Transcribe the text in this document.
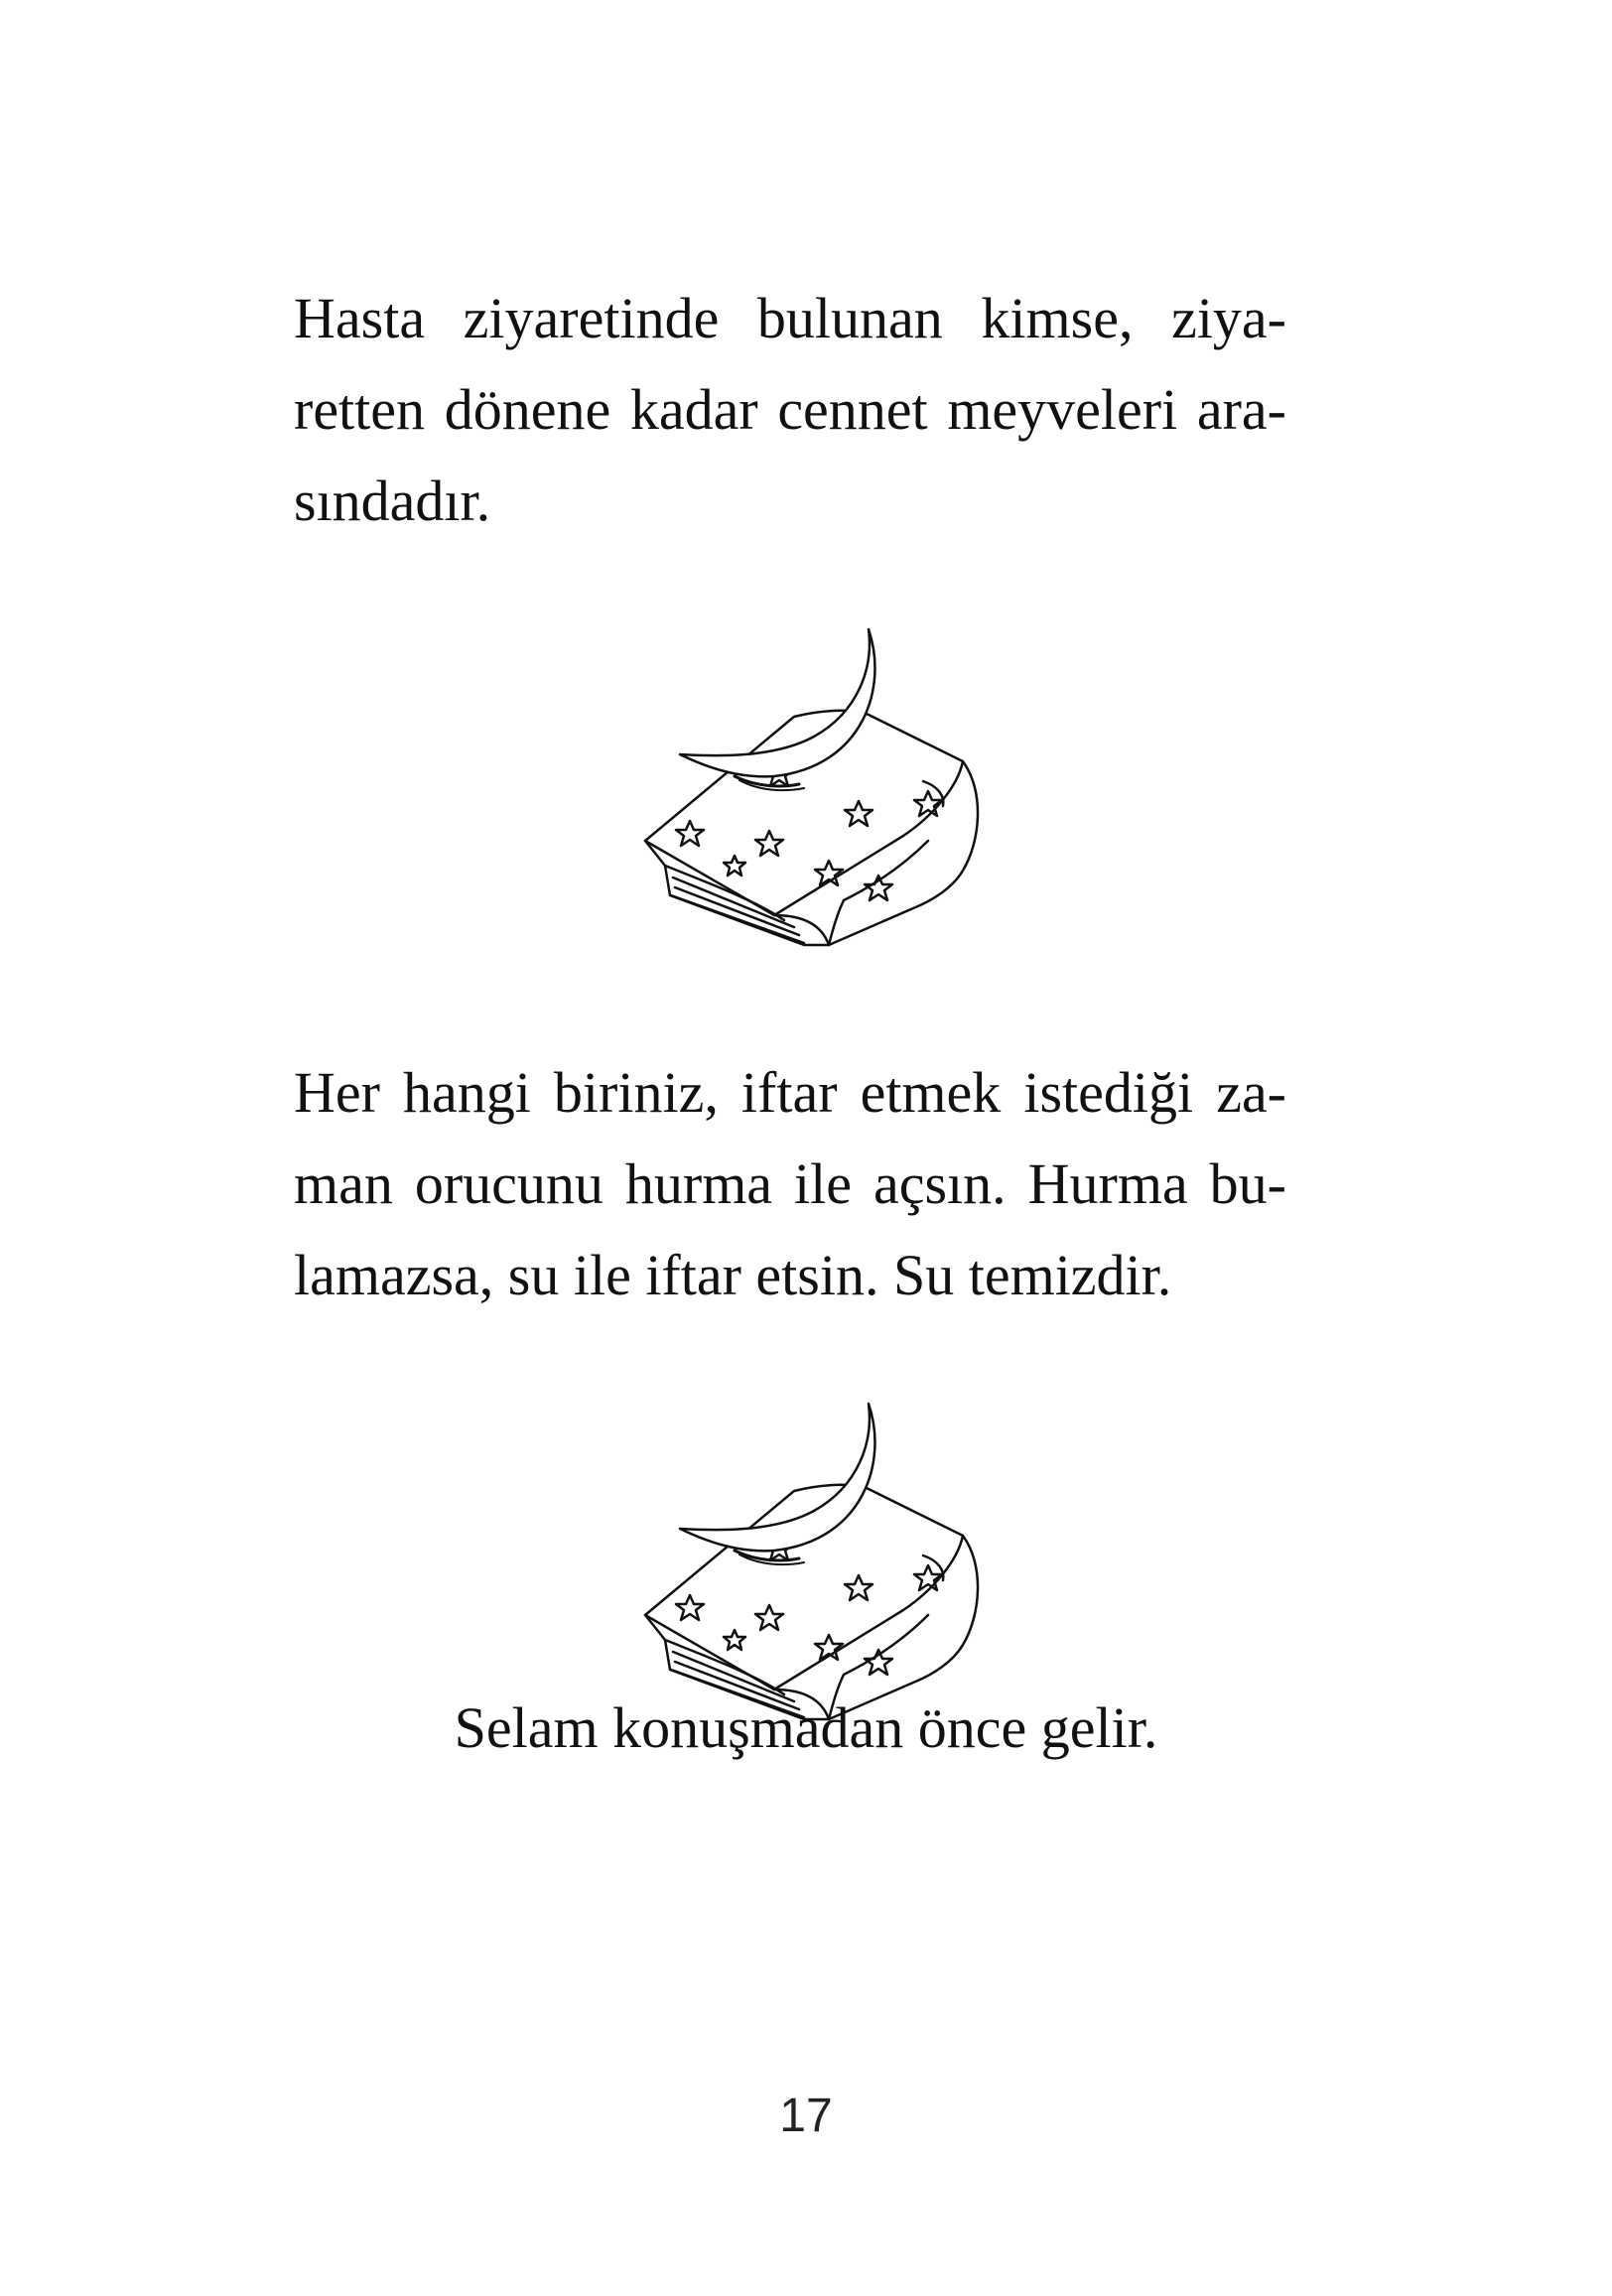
Hasta ziyaretinde bulunan kimse, ziya-
retten dönene kadar cennet meyveleri ara-
sındadır.

Her hangi biriniz, iftar etmek istediği za-
man orucunu hurma ile açsın. Hurma bu-
lamazsa, su ile iftar etsin. Su temizdir.

Selam konuşmadan önce gelir.

17
